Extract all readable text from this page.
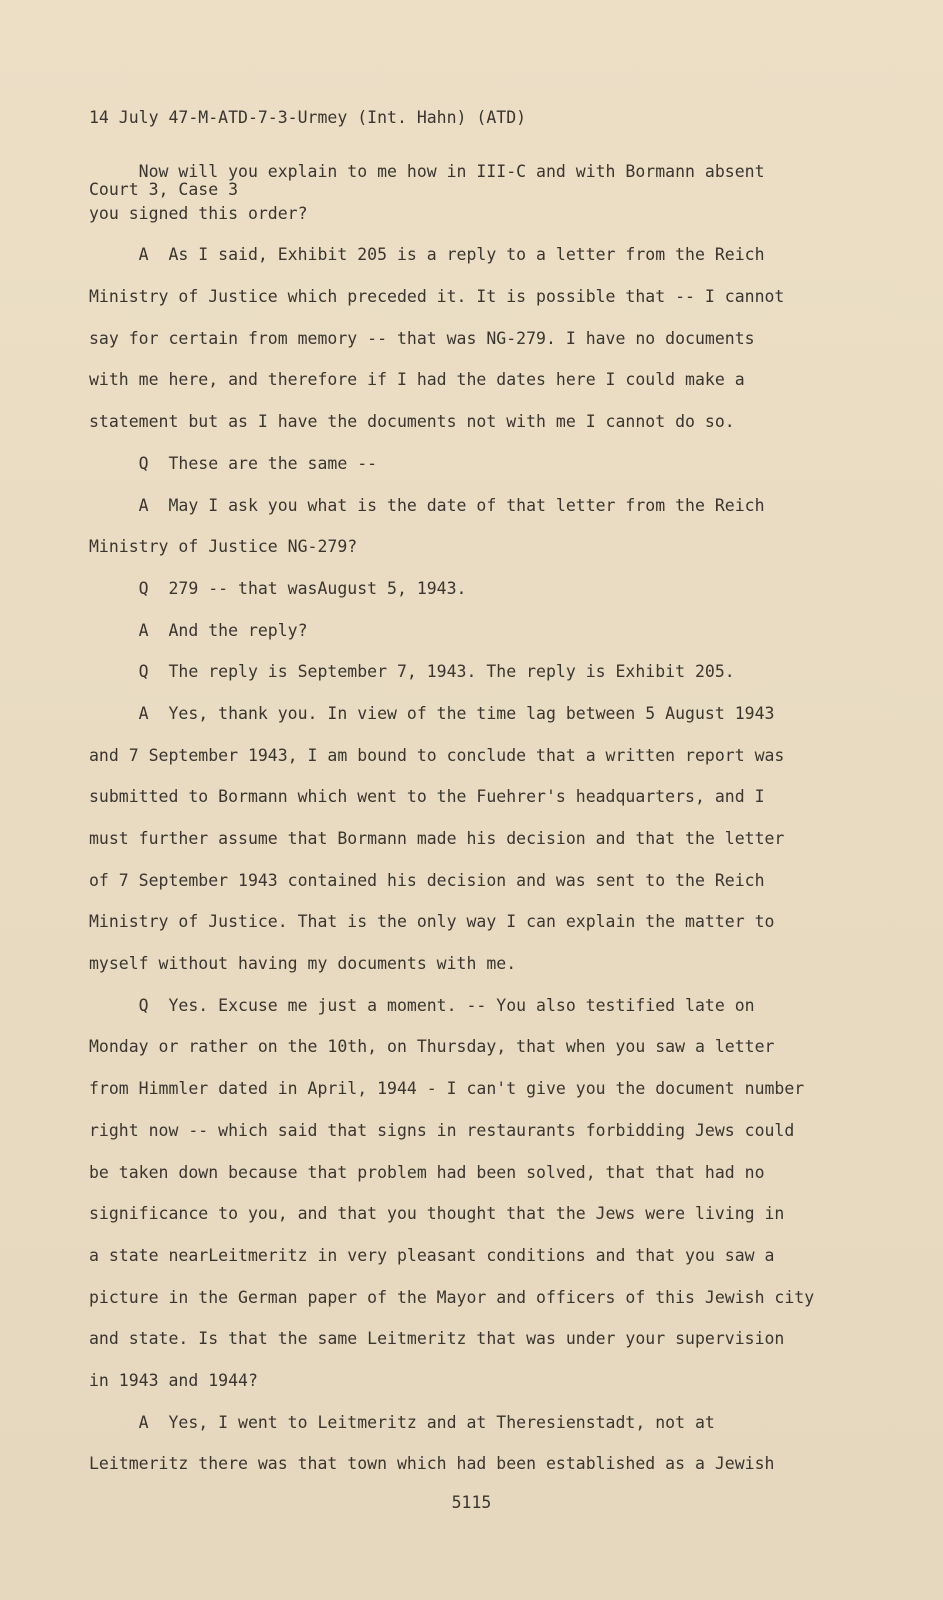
14 July 47-M-ATD-7-3-Urmey (Int. Hahn) (ATD)

Court 3, Case 3

Now will you explain to me how in III-C and with Bormann absent
you signed this order?
A  As I said, Exhibit 205 is a reply to a letter from the Reich
Ministry of Justice which preceded it. It is possible that -- I cannot
say for certain from memory -- that was NG-279. I have no documents
with me here, and therefore if I had the dates here I could make a
statement but as I have the documents not with me I cannot do so.
Q  These are the same --
A  May I ask you what is the date of that letter from the Reich
Ministry of Justice NG-279?
Q  279 -- that wasAugust 5, 1943.
A  And the reply?
Q  The reply is September 7, 1943. The reply is Exhibit 205.
A  Yes, thank you. In view of the time lag between 5 August 1943
and 7 September 1943, I am bound to conclude that a written report was
submitted to Bormann which went to the Fuehrer's headquarters, and I
must further assume that Bormann made his decision and that the letter
of 7 September 1943 contained his decision and was sent to the Reich
Ministry of Justice. That is the only way I can explain the matter to
myself without having my documents with me.
Q  Yes. Excuse me just a moment. -- You also testified late on
Monday or rather on the 10th, on Thursday, that when you saw a letter
from Himmler dated in April, 1944 - I can't give you the document number
right now -- which said that signs in restaurants forbidding Jews could
be taken down because that problem had been solved, that that had no
significance to you, and that you thought that the Jews were living in
a state nearLeitmeritz in very pleasant conditions and that you saw a
picture in the German paper of the Mayor and officers of this Jewish city
and state. Is that the same Leitmeritz that was under your supervision
in 1943 and 1944?
A  Yes, I went to Leitmeritz and at Theresienstadt, not at
Leitmeritz there was that town which had been established as a Jewish
5115
